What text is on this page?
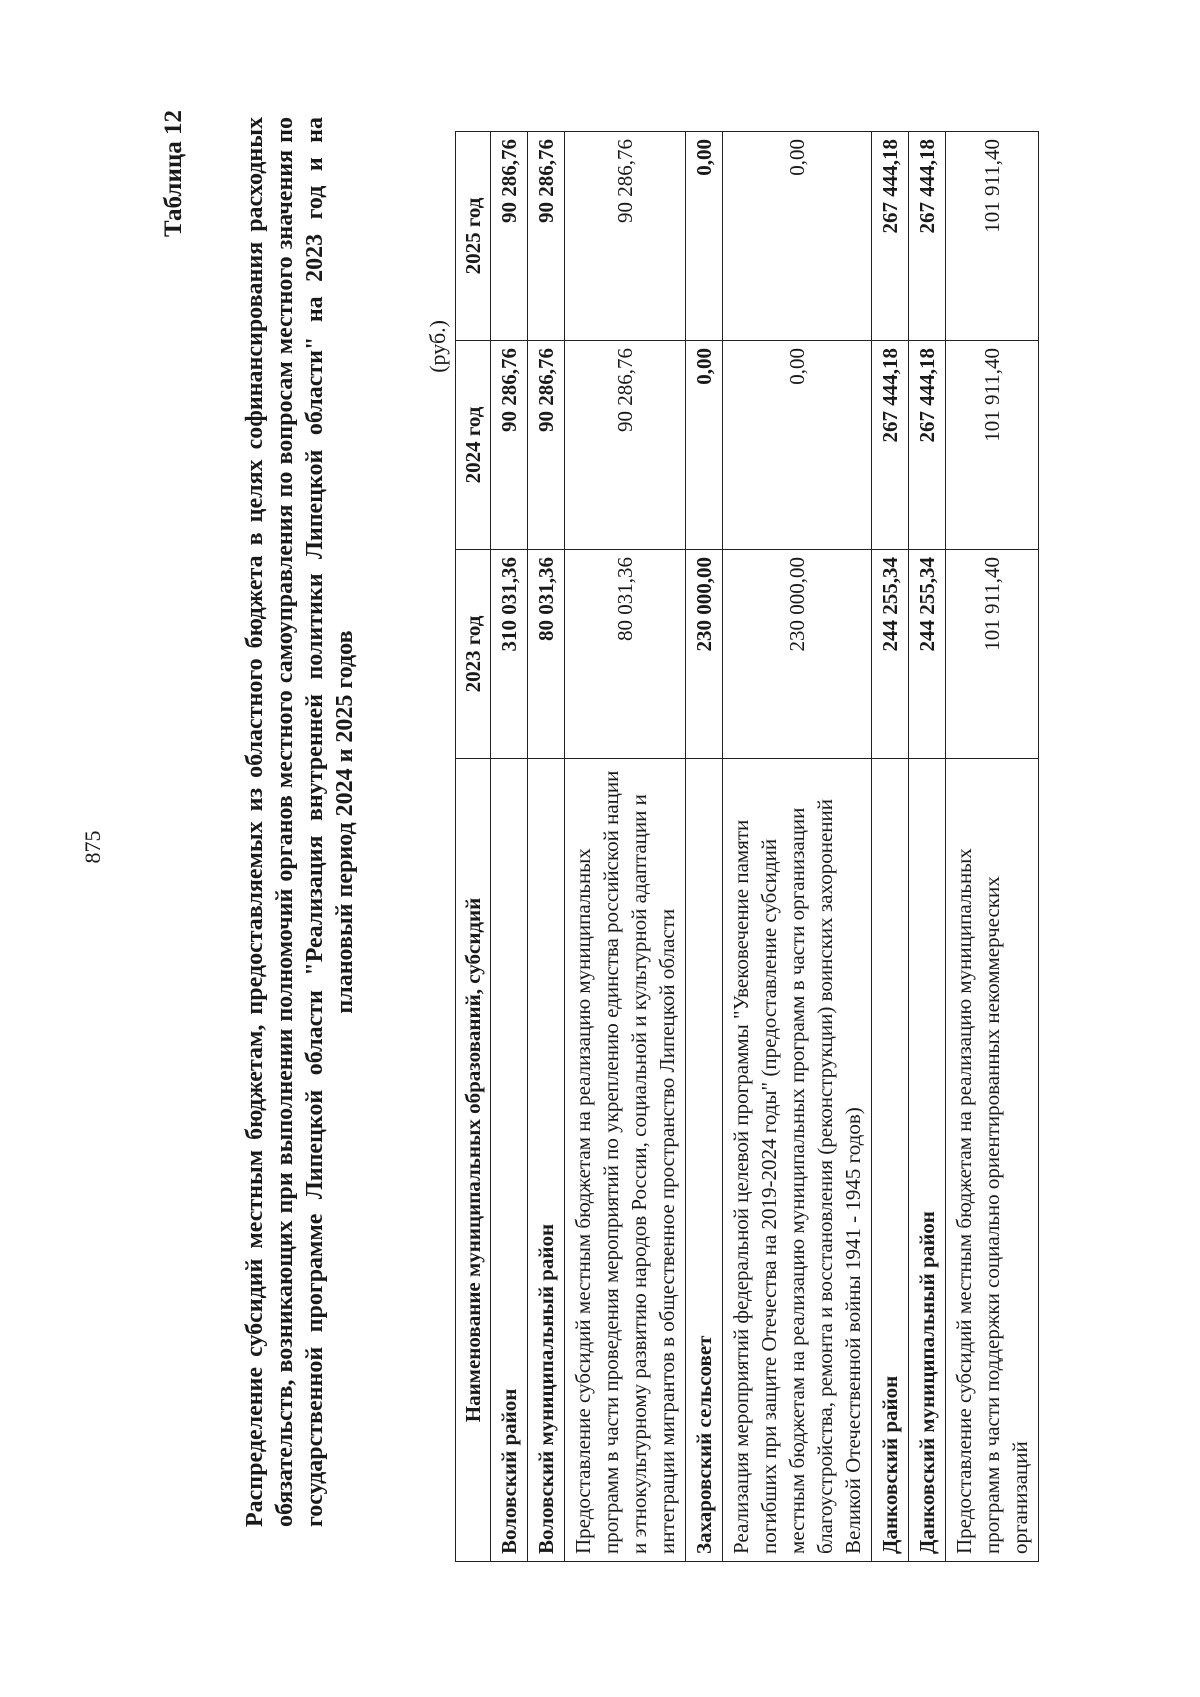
875
Таблица 12 Распределение субсидий местным бюджетам, предоставляемых из областного бюджета в целях софинансирования расходных обязательств, возникающих при выполнении полномочий органов местного самоуправления по вопросам местного значения по государственной программе Липецкой области "Реализация внутренней политики Липецкой области" на 2023 год и на плановый период 2024 и 2025 годов
(руб.)
Наименование муниципальных образований, субсидий	2023 год	2024 год	2025 год
Воловский район	310 031,36	90 286,76	90 286,76
Воловский муниципальный район	80 031,36	90 286,76	90 286,76
Предоставление субсидий местным бюджетам на реализацию муниципальных программ в части проведения мероприятий по укреплению единства российской нации и этнокультурному развитию народов России, социальной и культурной адаптации и интеграции мигрантов в общественное пространство Липецкой области	80 031,36	90 286,76	90 286,76
Захаровский сельсовет	230 000,00	0,00	0,00
Реализация мероприятий федеральной целевой программы "Увековечение памяти погибших при защите Отечества на 2019-2024 годы" (предоставление субсидий местным бюджетам на реализацию муниципальных программ в части организации благоустройства, ремонта и восстановления (реконструкции) воинских захоронений Великой Отечественной войны 1941 - 1945 годов)	230 000,00	0,00	0,00
Данковский район	244 255,34	267 444,18	267 444,18
Данковский муниципальный район	244 255,34	267 444,18	267 444,18
Предоставление субсидий местным бюджетам на реализацию муниципальных программ в части поддержки социально ориентированных некоммерческих организаций	101 911,40	101 911,40	101 911,40
